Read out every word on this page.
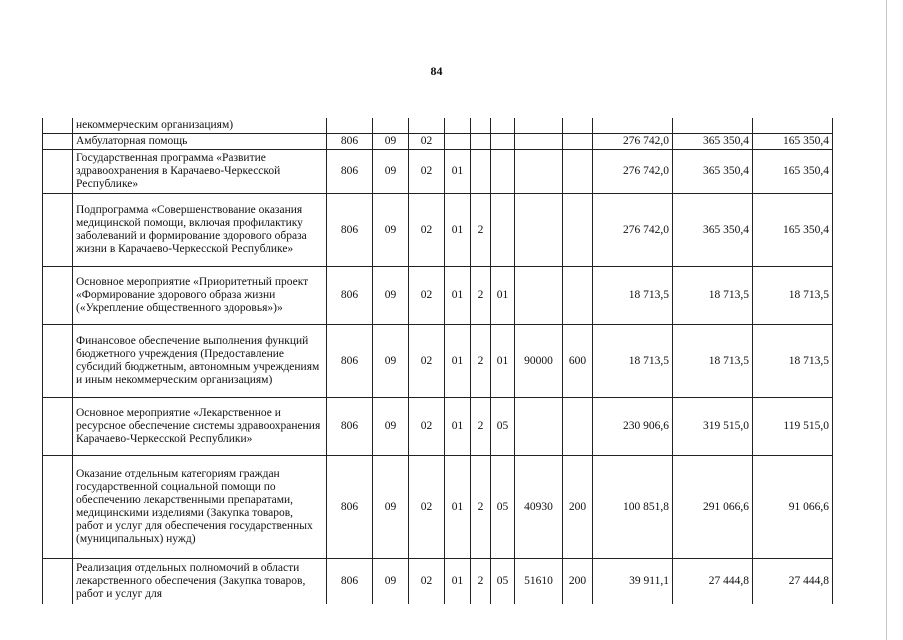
84
	некоммерческим организациям)											
	Амбулаторная помощь	806	09	02						276 742,0	365 350,4	165 350,4
	Государственная программа «Развитие здравоохранения в Карачаево-Черкесской Республике»	806	09	02	01					276 742,0	365 350,4	165 350,4
	Подпрограмма «Совершенствование оказания медицинской помощи, включая профилактику заболеваний и формирование здорового образа жизни в Карачаево-Черкесской Республике»	806	09	02	01	2				276 742,0	365 350,4	165 350,4
	Основное мероприятие «Приоритетный проект «Формирование здорового образа жизни («Укрепление общественного здоровья»)»	806	09	02	01	2	01			18 713,5	18 713,5	18 713,5
	Финансовое обеспечение выполнения функций бюджетного учреждения (Предоставление субсидий бюджетным, автономным учреждениям и иным некоммерческим организациям)	806	09	02	01	2	01	90000	600	18 713,5	18 713,5	18 713,5
	Основное мероприятие «Лекарственное и ресурсное обеспечение системы здравоохранения Карачаево-Черкесской Республики»	806	09	02	01	2	05			230 906,6	319 515,0	119 515,0
	Оказание отдельным категориям граждан государственной социальной помощи по обеспечению лекарственными препаратами, медицинскими изделиями (Закупка товаров, работ и услуг для обеспечения государственных (муниципальных) нужд)	806	09	02	01	2	05	40930	200	100 851,8	291 066,6	91 066,6
	Реализация отдельных полномочий в области лекарственного обеспечения (Закупка товаров, работ и услуг для	806	09	02	01	2	05	51610	200	39 911,1	27 444,8	27 444,8
